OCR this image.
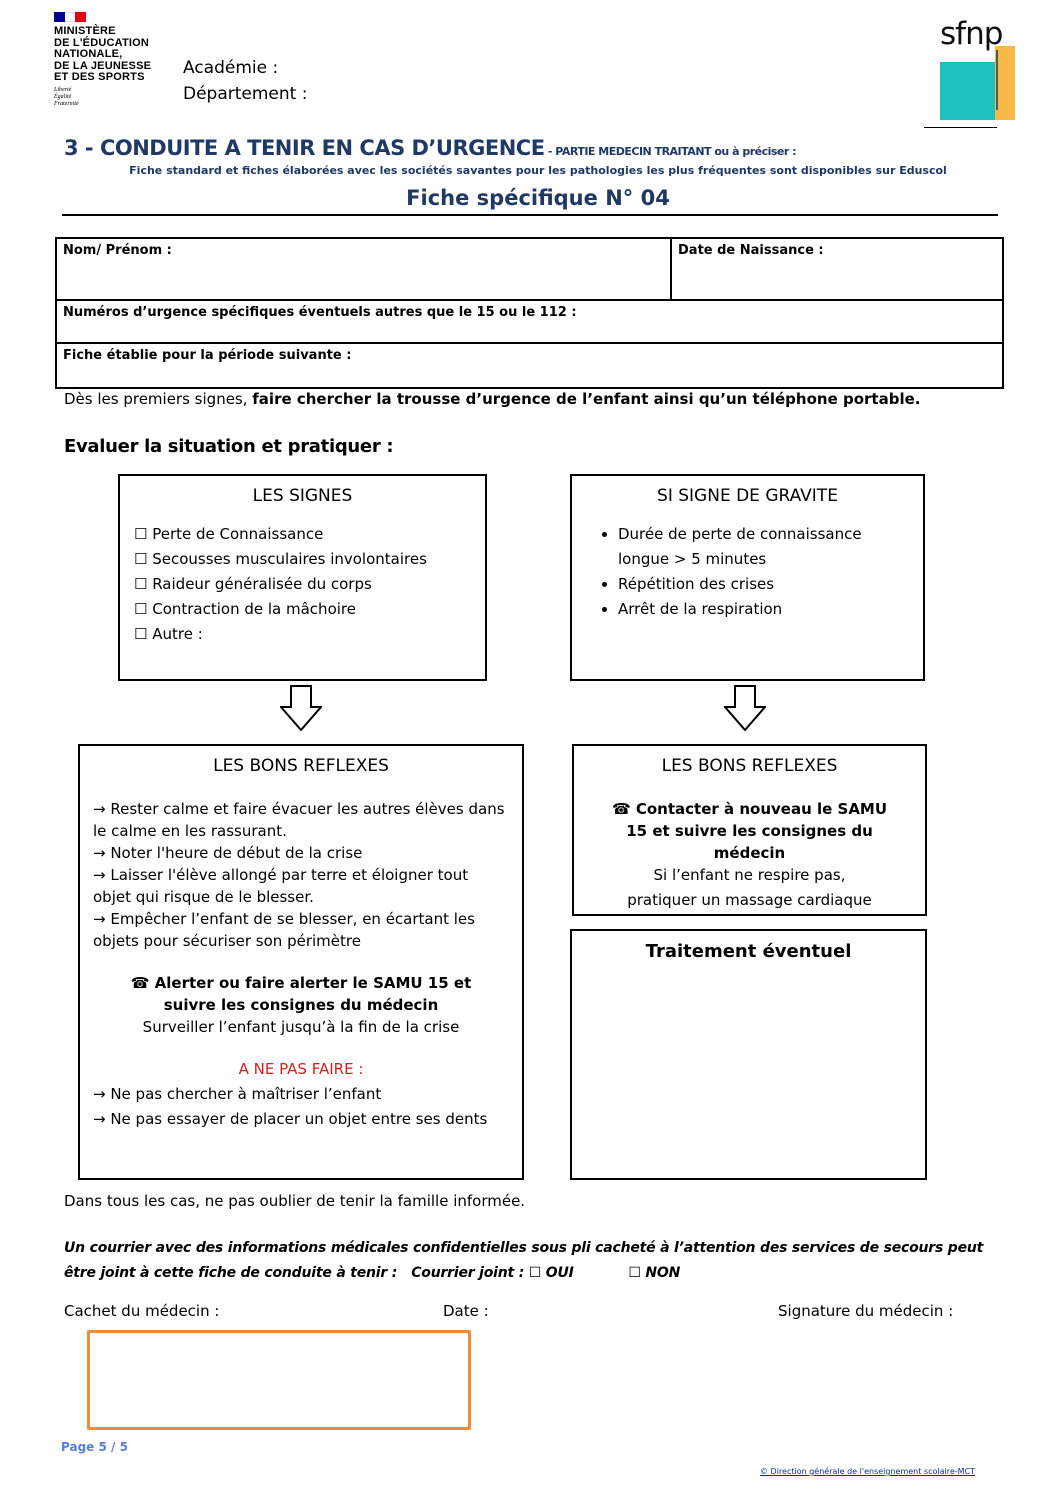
MINISTÈRE
DE L'ÉDUCATION
NATIONALE,
DE LA JEUNESSE
ET DES SPORTS
Liberté
Égalité
Fraternité
Académie :
Département :
sfnp
3 - CONDUITE A TENIR EN CAS D’URGENCE - PARTIE MEDECIN TRAITANT ou à préciser :
Fiche standard et fiches élaborées avec les sociétés savantes pour les pathologies les plus fréquentes sont disponibles sur Eduscol
Fiche spécifique N° 04
Nom/ Prénom :	Date de Naissance :
Numéros d’urgence spécifiques éventuels autres que le 15 ou le 112 :
Fiche établie pour la période suivante :
Dès les premiers signes, faire chercher la trousse d’urgence de l’enfant ainsi qu’un téléphone portable.
Evaluer la situation et pratiquer :
LES SIGNES
☐ Perte de Connaissance
☐ Secousses musculaires involontaires
☐ Raideur généralisée du corps
☐ Contraction de la mâchoire
☐ Autre :
SI SIGNE DE GRAVITE
• Durée de perte de connaissance longue > 5 minutes
• Répétition des crises
• Arrêt de la respiration
LES BONS REFLEXES
→ Rester calme et faire évacuer les autres élèves dans le calme en les rassurant.
→ Noter l'heure de début de la crise
→ Laisser l'élève allongé par terre et éloigner tout objet qui risque de le blesser.
→ Empêcher l’enfant de se blesser, en écartant les objets pour sécuriser son périmètre
☎ Alerter ou faire alerter le SAMU 15 et suivre les consignes du médecin
Surveiller l’enfant jusqu’à la fin de la crise
A NE PAS FAIRE :
→ Ne pas chercher à maîtriser l’enfant
→ Ne pas essayer de placer un objet entre ses dents
LES BONS REFLEXES
☎ Contacter à nouveau le SAMU 15 et suivre les consignes du médecin
Si l’enfant ne respire pas,
pratiquer un massage cardiaque
Traitement éventuel
Dans tous les cas, ne pas oublier de tenir la famille informée.
Un courrier avec des informations médicales confidentielles sous pli cacheté à l’attention des services de secours peut être joint à cette fiche de conduite à tenir : Courrier joint : ☐ OUI	☐ NON
Cachet du médecin :	Date :	Signature du médecin :
Page 5 / 5
© Direction générale de l'enseignement scolaire-MCT
